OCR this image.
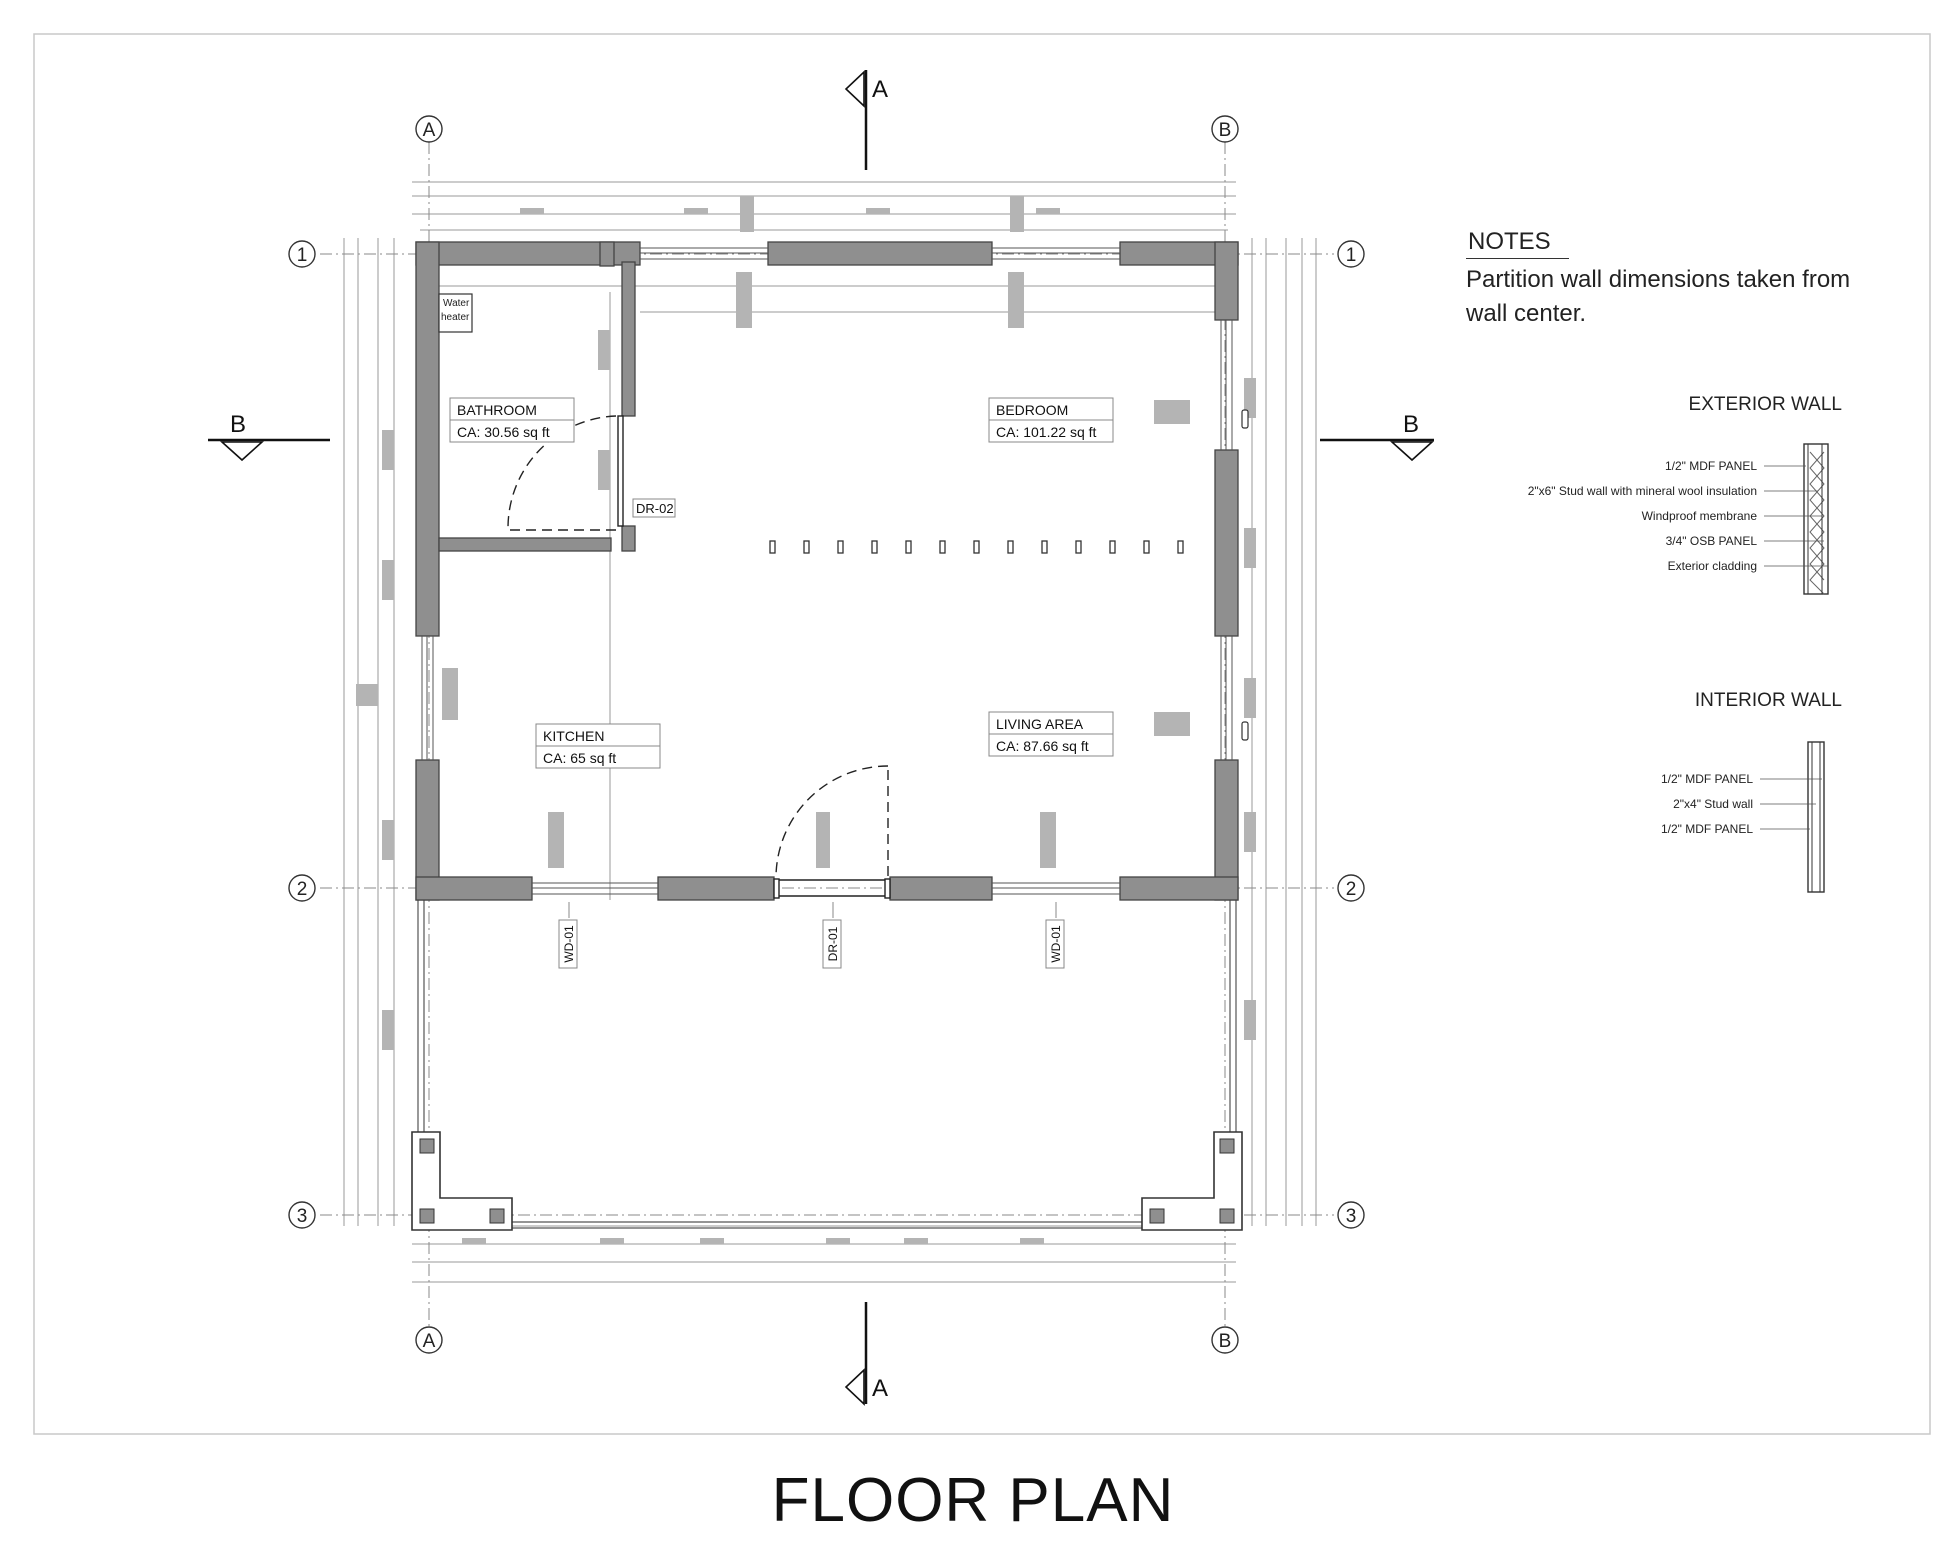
A	B
A	B
1	1
2	2
3	3
A
A
B	B
Water
heater
BATHROOM
CA: 30.56 sq ft
BEDROOM
CA: 101.22 sq ft
KITCHEN
CA: 65 sq ft
LIVING AREA
CA: 87.66 sq ft
DR-02
WD-01	DR-01	WD-01
EXTERIOR WALL
1/2" MDF PANEL
2"x6" Stud wall with mineral wool insulation
Windproof membrane
3/4" OSB PANEL
Exterior cladding
INTERIOR WALL
1/2" MDF PANEL
2"x4" Stud wall
1/2" MDF PANEL
NOTES
Partition wall dimensions taken from
wall center.
FLOOR PLAN
